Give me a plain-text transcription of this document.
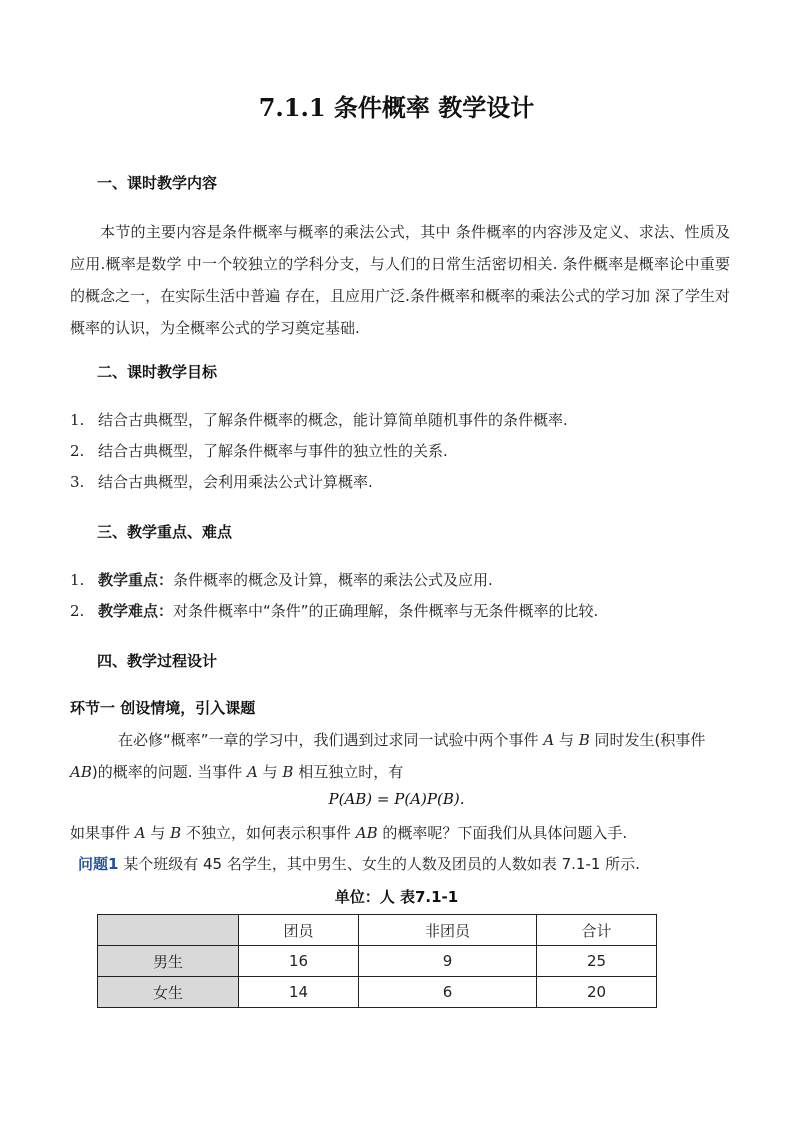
7.1.1 条件概率 教学设计
一、课时教学内容
本节的主要内容是条件概率与概率的乘法公式，其中 条件概率的内容涉及定义、求法、性质及应用.概率是数学 中一个较独立的学科分支，与人们的日常生活密切相关. 条件概率是概率论中重要的概念之一，在实际生活中普遍 存在，且应用广泛.条件概率和概率的乘法公式的学习加 深了学生对概率的认识，为全概率公式的学习奠定基础.
二、课时教学目标
1. 结合古典概型，了解条件概率的概念，能计算简单随机事件的条件概率.
2. 结合古典概型，了解条件概率与事件的独立性的关系.
3. 结合古典概型，会利用乘法公式计算概率.
三、教学重点、难点
1. 教学重点：条件概率的概念及计算，概率的乘法公式及应用.
2. 教学难点：对条件概率中“条件”的正确理解，条件概率与无条件概率的比较.
四、教学过程设计
环节一 创设情境，引入课题
在必修“概率”一章的学习中，我们遇到过求同一试验中两个事件 A 与 B 同时发生(积事件
AB)的概率的问题. 当事件 A 与 B 相互独立时，有
P(AB) = P(A)P(B).
如果事件 A 与 B 不独立，如何表示积事件 AB 的概率呢？下面我们从具体问题入手.
问题1 某个班级有 45 名学生，其中男生、女生的人数及团员的人数如表 7.1-1 所示.
单位：人 表7.1-1
	团员	非团员	合计
男生	16	9	25
女生	14	6	20
